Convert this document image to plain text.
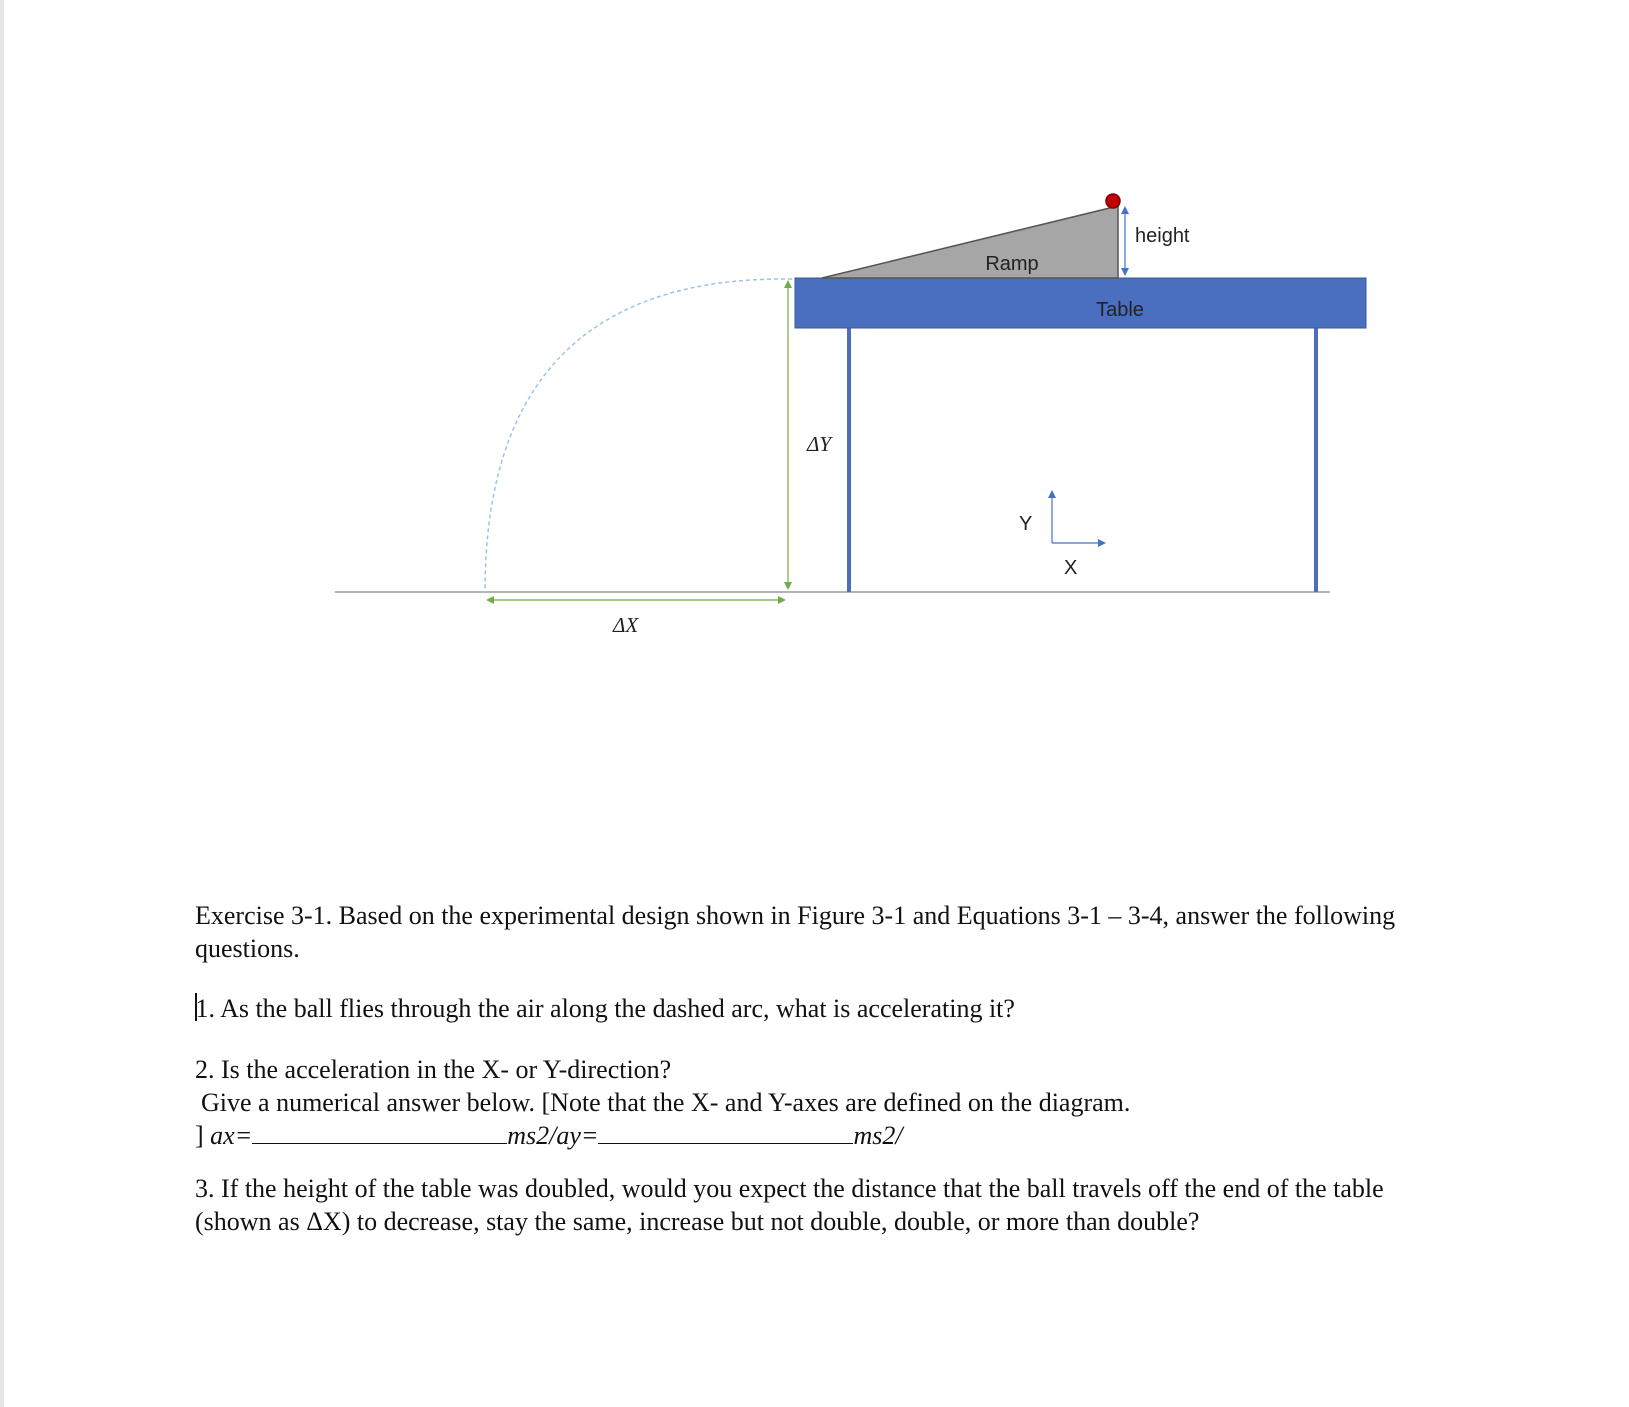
Table
Ramp
height
ΔY
ΔX
Y
X

Exercise 3-1. Based on the experimental design shown in Figure 3-1 and Equations 3-1 – 3-4, answer the following questions.

1. As the ball flies through the air along the dashed arc, what is accelerating it?

2. Is the acceleration in the X- or Y-direction?

Give a numerical answer below. [Note that the X- and Y-axes are defined on the diagram.

] ax=	ms2/ay=	ms2/

3. If the height of the table was doubled, would you expect the distance that the ball travels off the end of the table (shown as ΔX) to decrease, stay the same, increase but not double, double, or more than double?
